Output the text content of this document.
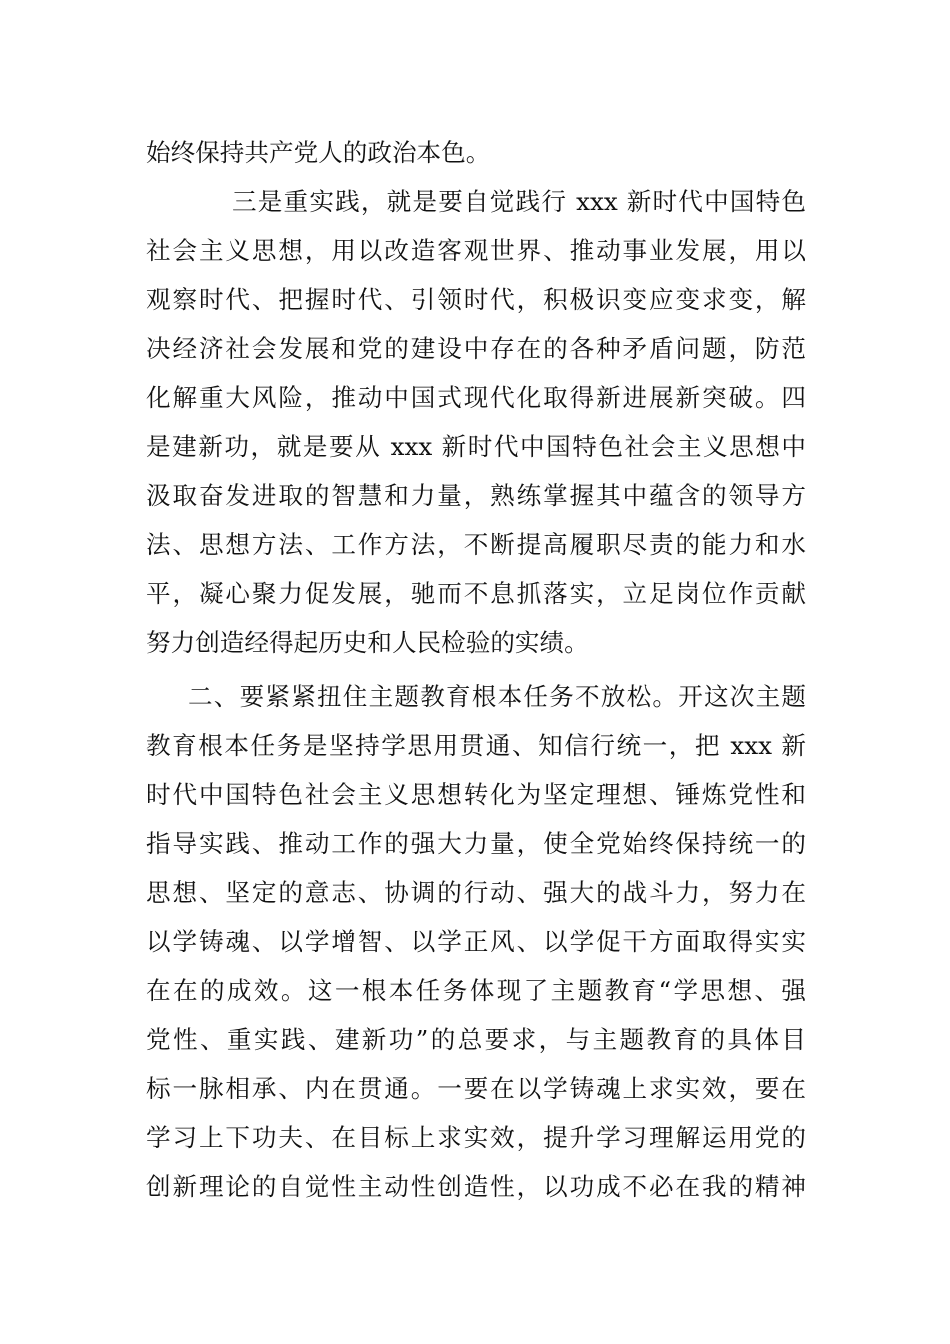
始终保持共产党人的政治本色。
三是重实践，就是要自觉践行 xxx 新时代中国特色
社会主义思想，用以改造客观世界、推动事业发展，用以
观察时代、把握时代、引领时代，积极识变应变求变，解
决经济社会发展和党的建设中存在的各种矛盾问题，防范
化解重大风险，推动中国式现代化取得新进展新突破。四
是建新功，就是要从 xxx 新时代中国特色社会主义思想中
汲取奋发进取的智慧和力量，熟练掌握其中蕴含的领导方
法、思想方法、工作方法，不断提高履职尽责的能力和水
平，凝心聚力促发展，驰而不息抓落实，立足岗位作贡献
努力创造经得起历史和人民检验的实绩。
二、要紧紧扭住主题教育根本任务不放松。开这次主题
教育根本任务是坚持学思用贯通、知信行统一，把 xxx 新
时代中国特色社会主义思想转化为坚定理想、锤炼党性和
指导实践、推动工作的强大力量，使全党始终保持统一的
思想、坚定的意志、协调的行动、强大的战斗力，努力在
以学铸魂、以学增智、以学正风、以学促干方面取得实实
在在的成效。这一根本任务体现了主题教育“学思想、强
党性、重实践、建新功”的总要求，与主题教育的具体目
标一脉相承、内在贯通。一要在以学铸魂上求实效，要在
学习上下功夫、在目标上求实效，提升学习理解运用党的
创新理论的自觉性主动性创造性，以功成不必在我的精神
